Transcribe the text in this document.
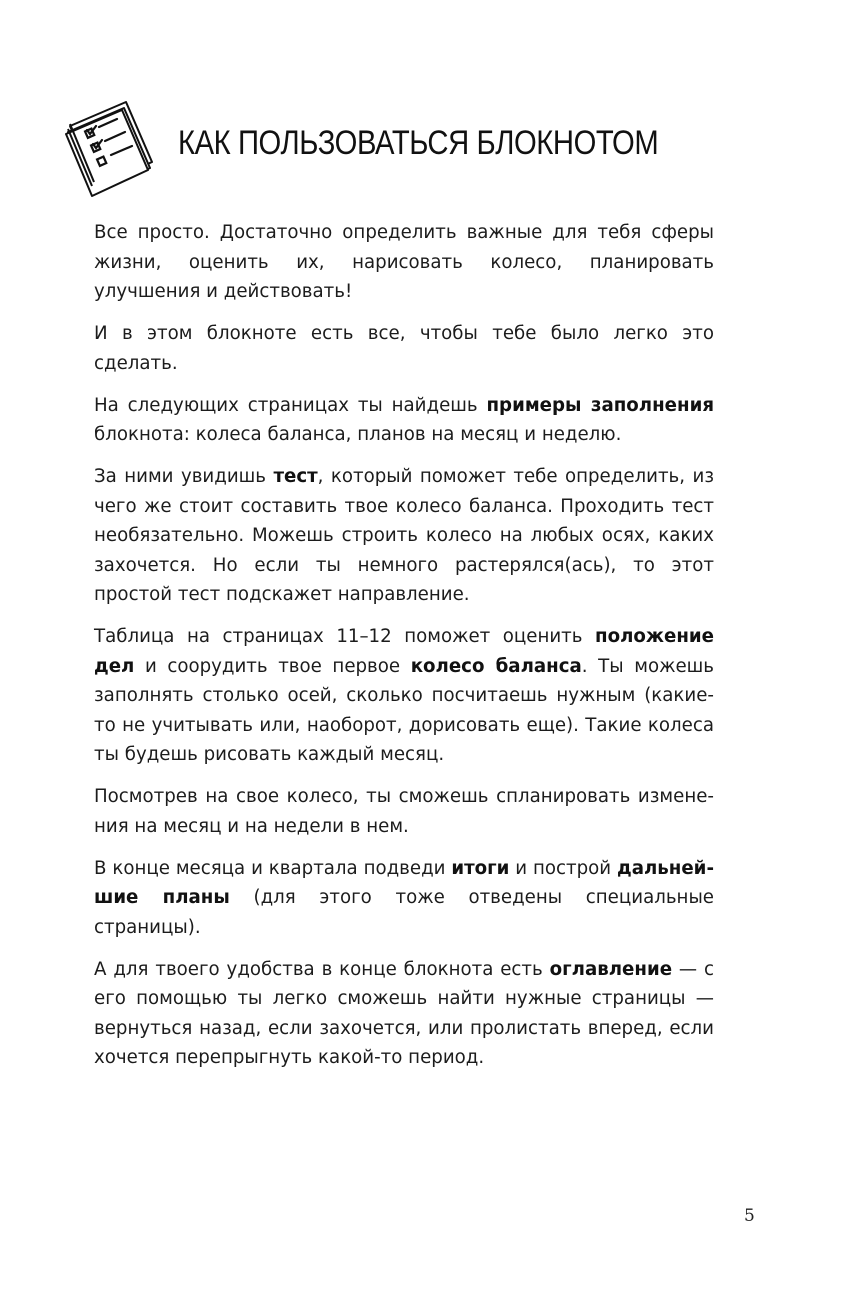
КАК ПОЛЬЗОВАТЬСЯ БЛОКНОТОМ

Все просто. Достаточно определить важные для тебя сферы жизни, оценить их, нарисовать колесо, планировать улучшения и действовать!

И в этом блокноте есть все, чтобы тебе было легко это сделать.

На следующих страницах ты найдешь примеры заполнения блокнота: колеса баланса, планов на месяц и неделю.

За ними увидишь тест, который поможет тебе определить, из чего же стоит составить твое колесо баланса. Проходить тест необязательно. Можешь строить колесо на любых осях, каких захочется. Но если ты немного растерялся(ась), то этот простой тест подскажет направление.

Таблица на страницах 11–12 поможет оценить положение дел и соорудить твое первое колесо баланса. Ты можешь заполнять столько осей, сколько посчитаешь нужным (какие-то не учитывать или, наоборот, дорисовать еще). Такие колеса ты будешь рисовать каждый месяц.

Посмотрев на свое колесо, ты сможешь спланировать изменения на месяц и на недели в нем.

В конце месяца и квартала подведи итоги и построй дальнейшие планы (для этого тоже отведены специальные страницы).

А для твоего удобства в конце блокнота есть оглавление — с его помощью ты легко сможешь найти нужные страницы — вернуться назад, если захочется, или пролистать вперед, если хочется перепрыгнуть какой-то период.

5
